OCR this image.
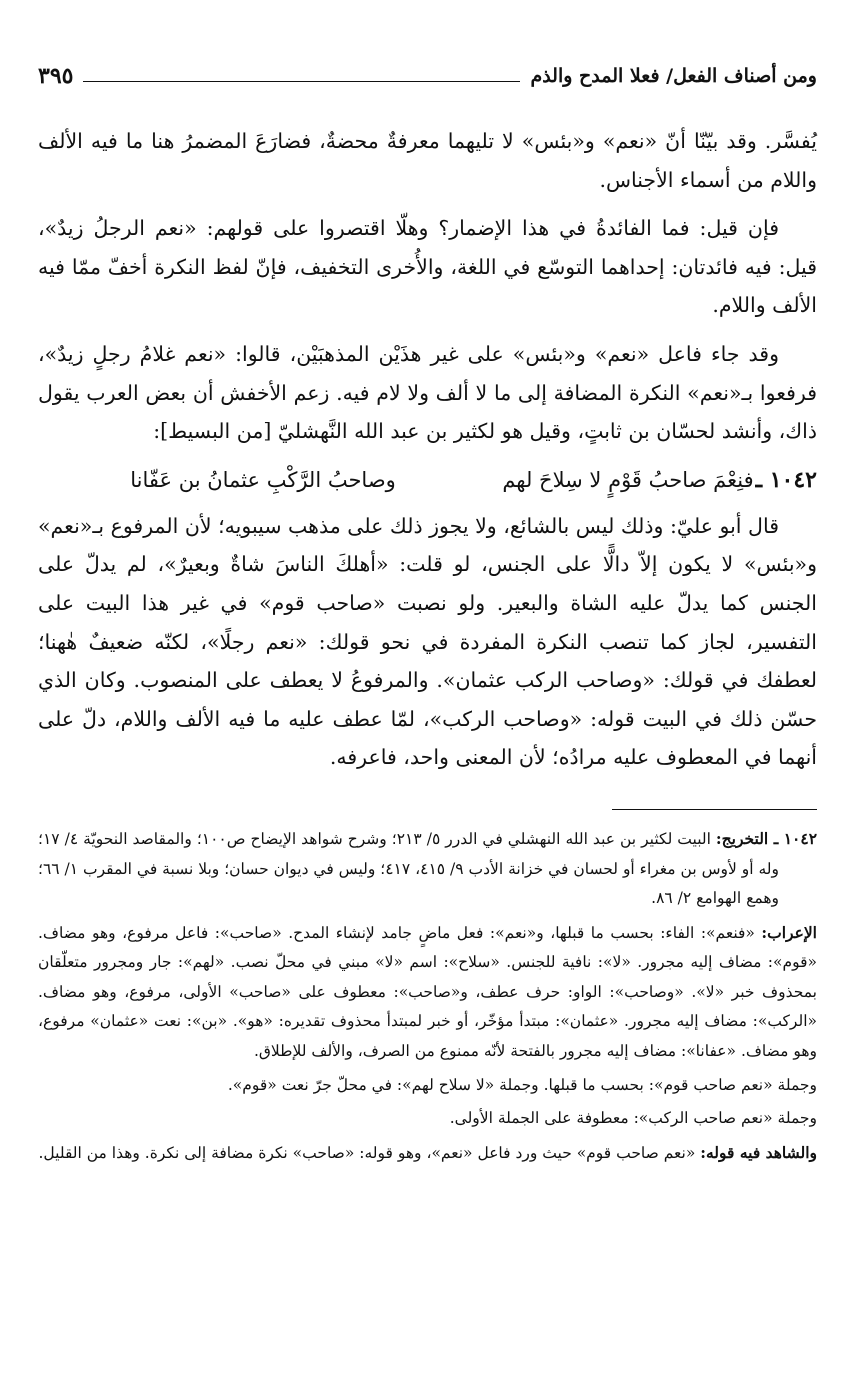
ومن أصناف الفعل/ فعلا المدح والذم
٣٩٥

يُفسَّر. وقد بيّنّا أنّ «نعم» و«بئس» لا تليهما معرفةٌ محضةٌ، فضارَعَ المضمرُ هنا ما فيه الألف واللام من أسماء الأجناس.

فإن قيل: فما الفائدةُ في هذا الإضمار؟ وهلّا اقتصروا على قولهم: «نعم الرجلُ زيدٌ»، قيل: فيه فائدتان: إحداهما التوسّع في اللغة، والأُخرى التخفيف، فإنّ لفظ النكرة أخفّ ممّا فيه الألف واللام.

وقد جاء فاعل «نعم» و«بئس» على غير هذَيْن المذهبَيْن، قالوا: «نعم غلامُ رجلٍ زيدٌ»، فرفعوا بـ«نعم» النكرة المضافة إلى ما لا ألف ولا لام فيه. زعم الأخفش أن بعض العرب يقول ذاك، وأنشد لحسّان بن ثابتٍ، وقيل هو لكثير بن عبد الله النَّهشليّ [من البسيط]:

١٠٤٢ ـ
فنِعْمَ صاحبُ قَوْمٍ لا سِلاحَ لهم
وصاحبُ الرَّكْبِ عثمانُ بن عَفّانا

قال أبو عليّ: وذلك ليس بالشائع، ولا يجوز ذلك على مذهب سيبويه؛ لأن المرفوع بـ«نعم» و«بئس» لا يكون إلاّ دالًّا على الجنس، لو قلت: «أهلكَ الناسَ شاةٌ وبعيرٌ»، لم يدلّ على الجنس كما يدلّ عليه الشاة والبعير. ولو نصبت «صاحب قوم» في غير هذا البيت على التفسير، لجاز كما تنصب النكرة المفردة في نحو قولك: «نعم رجلًا»، لكنّه ضعيفٌ هٰهنا؛ لعطفك في قولك: «وصاحب الركب عثمان». والمرفوعُ لا يعطف على المنصوب. وكان الذي حسّن ذلك في البيت قوله: «وصاحب الركب»، لمّا عطف عليه ما فيه الألف واللام، دلّ على أنهما في المعطوف عليه مرادُه؛ لأن المعنى واحد، فاعرفه.

١٠٤٢ ـ التخريج: البيت لكثير بن عبد الله النهشلي في الدرر ٥/ ٢١٣؛ وشرح شواهد الإيضاح ص١٠٠؛ والمقاصد النحويّة ٤/ ١٧؛ وله أو لأوس بن مغراء أو لحسان في خزانة الأدب ٩/ ٤١٥، ٤١٧؛ وليس في ديوان حسان؛ وبلا نسبة في المقرب ١/ ٦٦؛ وهمع الهوامع ٢/ ٨٦.

الإعراب: «فنعم»: الفاء: بحسب ما قبلها، و«نعم»: فعل ماضٍ جامد لإنشاء المدح. «صاحب»: فاعل مرفوع، وهو مضاف. «قوم»: مضاف إليه مجرور. «لا»: نافية للجنس. «سلاح»: اسم «لا» مبني في محلّ نصب. «لهم»: جار ومجرور متعلّقان بمحذوف خبر «لا». «وصاحب»: الواو: حرف عطف، و«صاحب»: معطوف على «صاحب» الأولى، مرفوع، وهو مضاف. «الركب»: مضاف إليه مجرور. «عثمان»: مبتدأ مؤخّر، أو خبر لمبتدأ محذوف تقديره: «هو». «بن»: نعت «عثمان» مرفوع، وهو مضاف. «عفانا»: مضاف إليه مجرور بالفتحة لأنّه ممنوع من الصرف، والألف للإطلاق.

وجملة «نعم صاحب قوم»: بحسب ما قبلها. وجملة «لا سلاح لهم»: في محلّ جرّ نعت «قوم».

وجملة «نعم صاحب الركب»: معطوفة على الجملة الأولى.

والشاهد فيه قوله: «نعم صاحب قوم» حيث ورد فاعل «نعم»، وهو قوله: «صاحب» نكرة مضافة إلى نكرة. وهذا من القليل.
